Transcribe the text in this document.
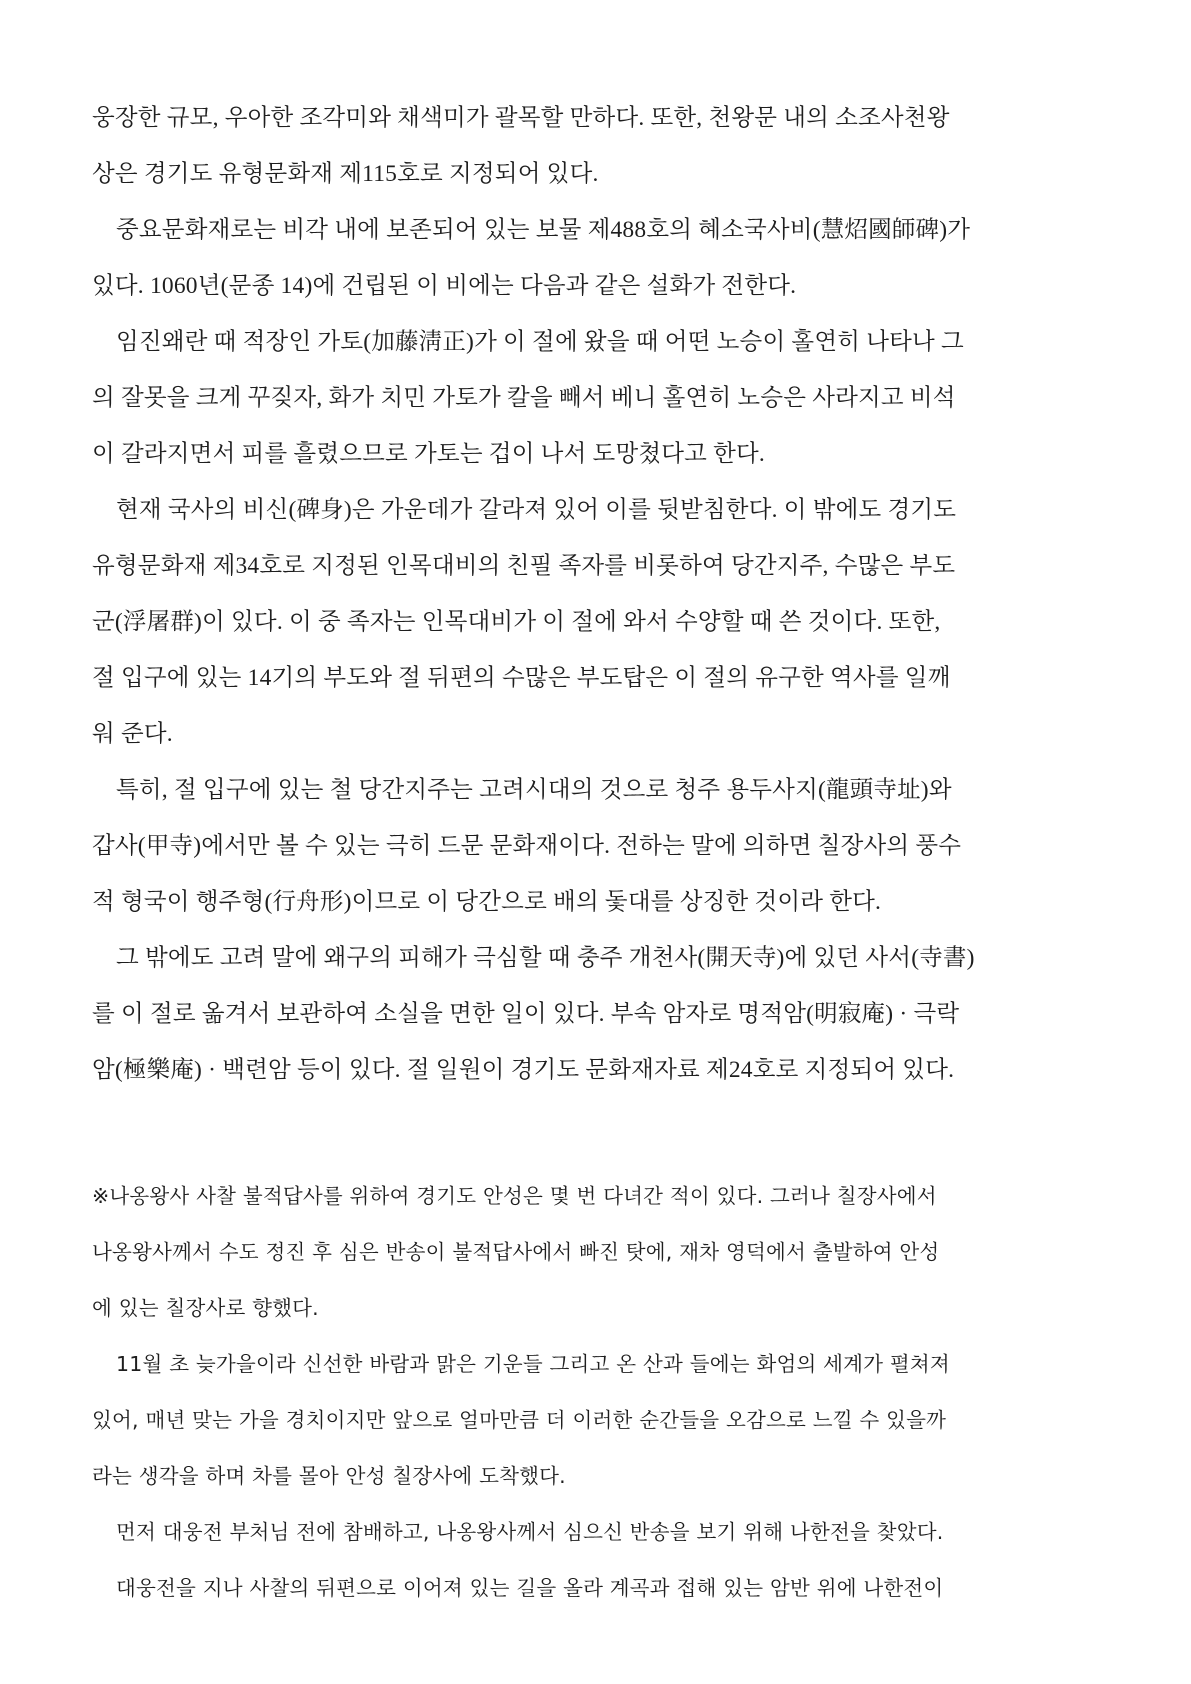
웅장한 규모, 우아한 조각미와 채색미가 괄목할 만하다. 또한, 천왕문 내의 소조사천왕
상은 경기도 유형문화재 제115호로 지정되어 있다.
중요문화재로는 비각 내에 보존되어 있는 보물 제488호의 혜소국사비(慧炤國師碑)가
있다. 1060년(문종 14)에 건립된 이 비에는 다음과 같은 설화가 전한다.
임진왜란 때 적장인 가토(加藤淸正)가 이 절에 왔을 때 어떤 노승이 홀연히 나타나 그
의 잘못을 크게 꾸짖자, 화가 치민 가토가 칼을 빼서 베니 홀연히 노승은 사라지고 비석
이 갈라지면서 피를 흘렸으므로 가토는 겁이 나서 도망쳤다고 한다.
현재 국사의 비신(碑身)은 가운데가 갈라져 있어 이를 뒷받침한다. 이 밖에도 경기도
유형문화재 제34호로 지정된 인목대비의 친필 족자를 비롯하여 당간지주, 수많은 부도
군(浮屠群)이 있다. 이 중 족자는 인목대비가 이 절에 와서 수양할 때 쓴 것이다. 또한,
절 입구에 있는 14기의 부도와 절 뒤편의 수많은 부도탑은 이 절의 유구한 역사를 일깨
워 준다.
특히, 절 입구에 있는 철 당간지주는 고려시대의 것으로 청주 용두사지(龍頭寺址)와
갑사(甲寺)에서만 볼 수 있는 극히 드문 문화재이다. 전하는 말에 의하면 칠장사의 풍수
적 형국이 행주형(行舟形)이므로 이 당간으로 배의 돛대를 상징한 것이라 한다.
그 밖에도 고려 말에 왜구의 피해가 극심할 때 충주 개천사(開天寺)에 있던 사서(寺書)
를 이 절로 옮겨서 보관하여 소실을 면한 일이 있다. 부속 암자로 명적암(明寂庵) · 극락
암(極樂庵) · 백련암 등이 있다. 절 일원이 경기도 문화재자료 제24호로 지정되어 있다.
※나옹왕사 사찰 불적답사를 위하여 경기도 안성은 몇 번 다녀간 적이 있다. 그러나 칠장사에서
나옹왕사께서 수도 정진 후 심은 반송이 불적답사에서 빠진 탓에, 재차 영덕에서 출발하여 안성
에 있는 칠장사로 향했다.
11월 초 늦가을이라 신선한 바람과 맑은 기운들 그리고 온 산과 들에는 화엄의 세계가 펼쳐져
있어, 매년 맞는 가을 경치이지만 앞으로 얼마만큼 더 이러한 순간들을 오감으로 느낄 수 있을까
라는 생각을 하며 차를 몰아 안성 칠장사에 도착했다.
먼저 대웅전 부처님 전에 참배하고, 나옹왕사께서 심으신 반송을 보기 위해 나한전을 찾았다.
대웅전을 지나 사찰의 뒤편으로 이어져 있는 길을 올라 계곡과 접해 있는 암반 위에 나한전이
